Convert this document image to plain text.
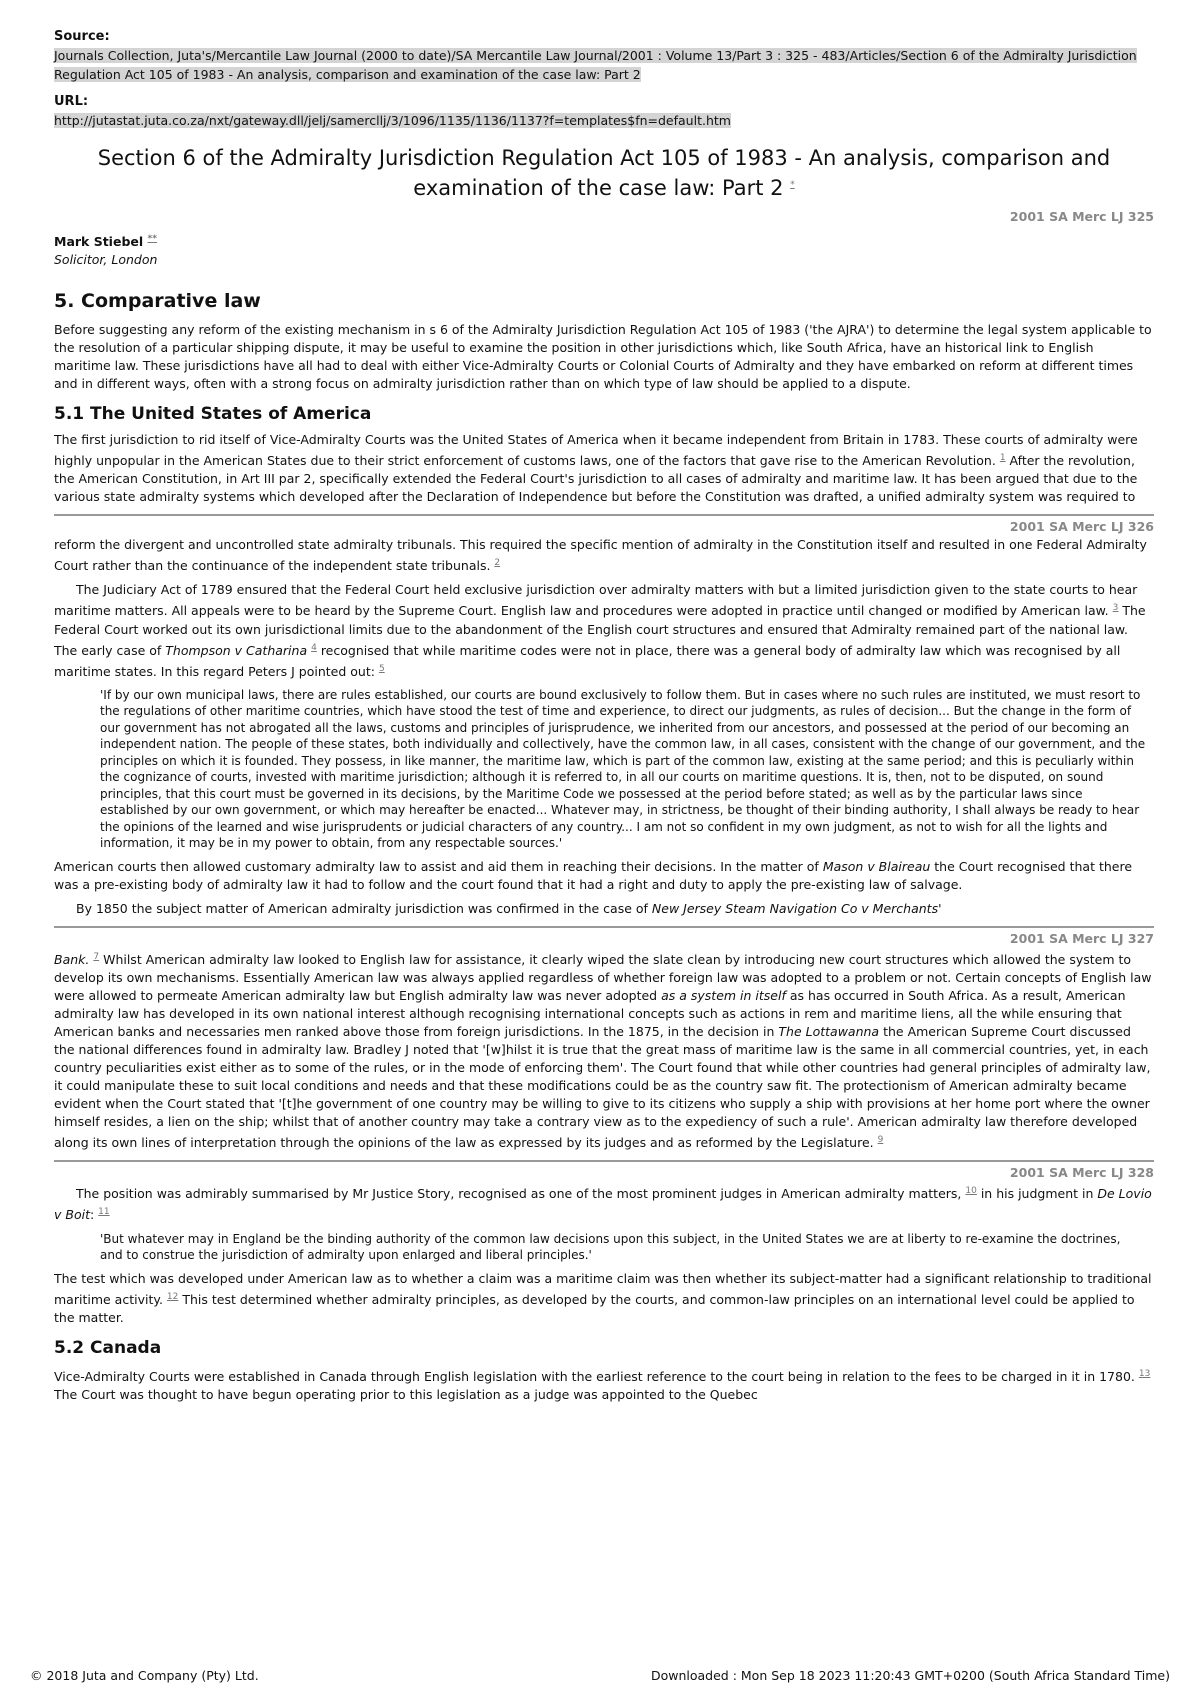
Source:
Journals Collection, Juta's/Mercantile Law Journal (2000 to date)/SA Mercantile Law Journal/2001 : Volume 13/Part 3 : 325 - 483/Articles/Section 6 of the Admiralty Jurisdiction Regulation Act 105 of 1983 - An analysis, comparison and examination of the case law: Part 2
URL:
http://jutastat.juta.co.za/nxt/gateway.dll/jelj/samercllj/3/1096/1135/1136/1137?f=templates$fn=default.htm
Section 6 of the Admiralty Jurisdiction Regulation Act 105 of 1983 - An analysis, comparison and examination of the case law: Part 2 *
2001 SA Merc LJ 325
Mark Stiebel **
Solicitor, London
5. Comparative law

Before suggesting any reform of the existing mechanism in s 6 of the Admiralty Jurisdiction Regulation Act 105 of 1983 ('the AJRA') to determine the legal system applicable to the resolution of a particular shipping dispute, it may be useful to examine the position in other jurisdictions which, like South Africa, have an historical link to English maritime law. These jurisdictions have all had to deal with either Vice-Admiralty Courts or Colonial Courts of Admiralty and they have embarked on reform at different times and in different ways, often with a strong focus on admiralty jurisdiction rather than on which type of law should be applied to a dispute.

5.1 The United States of America

The first jurisdiction to rid itself of Vice-Admiralty Courts was the United States of America when it became independent from Britain in 1783. These courts of admiralty were highly unpopular in the American States due to their strict enforcement of customs laws, one of the factors that gave rise to the American Revolution. $^1$ After the revolution, the American Constitution, in Art III par 2, specifically extended the Federal Court's jurisdiction to all cases of admiralty and maritime law. It has been argued that due to the various state admiralty systems which developed after the Declaration of Independence but before the Constitution was drafted, a unified admiralty system was required to

2001 SA Merc LJ 326

reform the divergent and uncontrolled state admiralty tribunals. This required the specific mention of admiralty in the Constitution itself and resulted in one Federal Admiralty Court rather than the continuance of the independent state tribunals. $^2$

The Judiciary Act of 1789 ensured that the Federal Court held exclusive jurisdiction over admiralty matters with but a limited jurisdiction given to the state courts to hear maritime matters. All appeals were to be heard by the Supreme Court. English law and procedures were adopted in practice until changed or modified by American law. $^3$ The Federal Court worked out its own jurisdictional limits due to the abandonment of the English court structures and ensured that Admiralty remained part of the national law. The early case of Thompson v Catharina $^4$ recognised that while maritime codes were not in place, there was a general body of admiralty law which was recognised by all maritime states. In this regard Peters J pointed out: $^5$

'If by our own municipal laws, there are rules established, our courts are bound exclusively to follow them. But in cases where no such rules are instituted, we must resort to the regulations of other maritime countries, which have stood the test of time and experience, to direct our judgments, as rules of decision... But the change in the form of our government has not abrogated all the laws, customs and principles of jurisprudence, we inherited from our ancestors, and possessed at the period of our becoming an independent nation. The people of these states, both individually and collectively, have the common law, in all cases, consistent with the change of our government, and the principles on which it is founded. They possess, in like manner, the maritime law, which is part of the common law, existing at the same period; and this is peculiarly within the cognizance of courts, invested with maritime jurisdiction; although it is referred to, in all our courts on maritime questions. It is, then, not to be disputed, on sound principles, that this court must be governed in its decisions, by the Maritime Code we possessed at the period before stated; as well as by the particular laws since established by our own government, or which may hereafter be enacted... Whatever may, in strictness, be thought of their binding authority, I shall always be ready to hear the opinions of the learned and wise jurisprudents or judicial characters of any country... I am not so confident in my own judgment, as not to wish for all the lights and information, it may be in my power to obtain, from any respectable sources.'

American courts then allowed customary admiralty law to assist and aid them in reaching their decisions. In the matter of Mason v Blaireau the Court recognised that there was a pre-existing body of admiralty law it had to follow and the court found that it had a right and duty to apply the pre-existing law of salvage.

By 1850 the subject matter of American admiralty jurisdiction was confirmed in the case of New Jersey Steam Navigation Co v Merchants'

2001 SA Merc LJ 327

Bank. $^7$ Whilst American admiralty law looked to English law for assistance, it clearly wiped the slate clean by introducing new court structures which allowed the system to develop its own mechanisms. Essentially American law was always applied regardless of whether foreign law was adopted to a problem or not. Certain concepts of English law were allowed to permeate American admiralty law but English admiralty law was never adopted as a system in itself as has occurred in South Africa. As a result, American admiralty law has developed in its own national interest although recognising international concepts such as actions in rem and maritime liens, all the while ensuring that American banks and necessaries men ranked above those from foreign jurisdictions. In the 1875, in the decision in The Lottawanna the American Supreme Court discussed the national differences found in admiralty law. Bradley J noted that '[w]hilst it is true that the great mass of maritime law is the same in all commercial countries, yet, in each country peculiarities exist either as to some of the rules, or in the mode of enforcing them'. The Court found that while other countries had general principles of admiralty law, it could manipulate these to suit local conditions and needs and that these modifications could be as the country saw fit. The protectionism of American admiralty became evident when the Court stated that '[t]he government of one country may be willing to give to its citizens who supply a ship with provisions at her home port where the owner himself resides, a lien on the ship; whilst that of another country may take a contrary view as to the expediency of such a rule'. American admiralty law therefore developed along its own lines of interpretation through the opinions of the law as expressed by its judges and as reformed by the Legislature. $^9$

2001 SA Merc LJ 328

The position was admirably summarised by Mr Justice Story, recognised as one of the most prominent judges in American admiralty matters, $^{10}$ in his judgment in De Lovio v Boit: $^{11}$

'But whatever may in England be the binding authority of the common law decisions upon this subject, in the United States we are at liberty to re-examine the doctrines, and to construe the jurisdiction of admiralty upon enlarged and liberal principles.'

The test which was developed under American law as to whether a claim was a maritime claim was then whether its subject-matter had a significant relationship to traditional maritime activity. $^{12}$ This test determined whether admiralty principles, as developed by the courts, and common-law principles on an international level could be applied to the matter.

5.2 Canada

Vice-Admiralty Courts were established in Canada through English legislation with the earliest reference to the court being in relation to the fees to be charged in it in 1780. $^{13}$ The Court was thought to have begun operating prior to this legislation as a judge was appointed to the Quebec

© 2018 Juta and Company (Pty) Ltd.	Downloaded : Mon Sep 18 2023 11:20:43 GMT+0200 (South Africa Standard Time)
